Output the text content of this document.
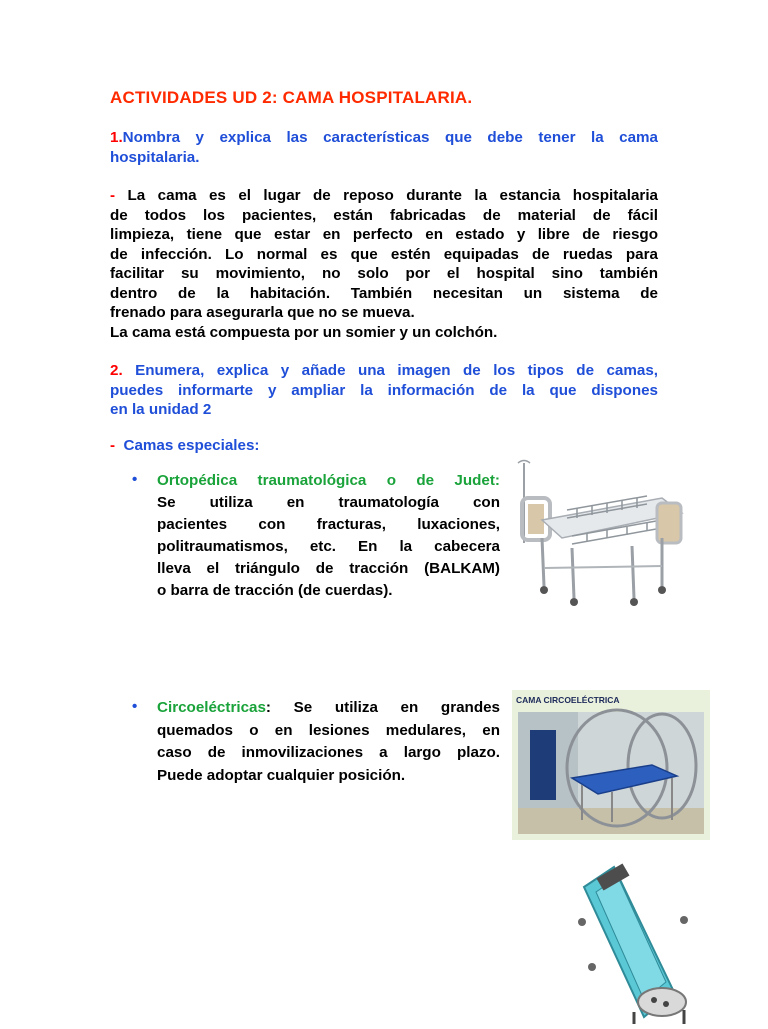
ACTIVIDADES UD 2: CAMA HOSPITALARIA.
1.Nombra y explica las características que debe tener la cama
hospitalaria.
- La cama es el lugar de reposo durante la estancia hospitalaria
de todos los pacientes, están fabricadas de material de fácil
limpieza, tiene que estar en perfecto en estado y libre de riesgo
de infección. Lo normal es que estén equipadas de ruedas para
facilitar su movimiento, no solo por el hospital sino también
dentro de la habitación. También necesitan un sistema de
frenado para asegurarla que no se mueva.
La cama está compuesta por un somier y un colchón.
2. Enumera, explica y añade una imagen de los tipos de camas,
puedes informarte y ampliar la información de la que dispones
en la unidad 2
- Camas especiales:
• Ortopédica traumatológica o de Judet:
Se utiliza en traumatología con
pacientes con fracturas, luxaciones,
politraumatismos, etc. En la cabecera
lleva el triángulo de tracción (BALKAM)
o barra de tracción (de cuerdas).
• Circoeléctricas: Se utiliza en grandes
quemados o en lesiones medulares, en
caso de inmovilizaciones a largo plazo.
Puede adoptar cualquier posición.
CAMA CIRCOELÉCTRICA
